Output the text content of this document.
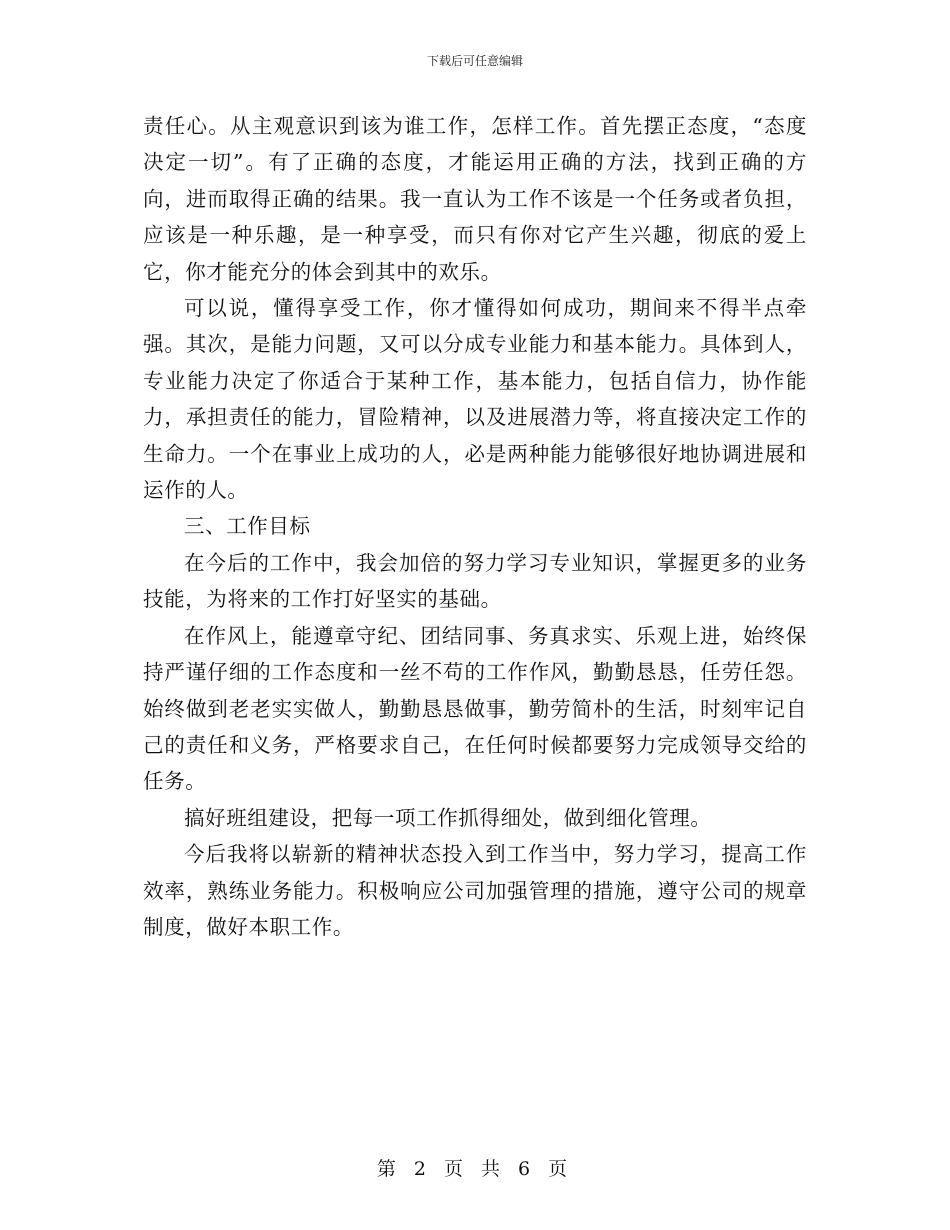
下载后可任意编辑

责任心。从主观意识到该为谁工作，怎样工作。首先摆正态度，“态度决定一切”。有了正确的态度，才能运用正确的方法，找到正确的方向，进而取得正确的结果。我一直认为工作不该是一个任务或者负担，应该是一种乐趣，是一种享受，而只有你对它产生兴趣，彻底的爱上它，你才能充分的体会到其中的欢乐。

可以说，懂得享受工作，你才懂得如何成功，期间来不得半点牵强。其次，是能力问题，又可以分成专业能力和基本能力。具体到人，专业能力决定了你适合于某种工作，基本能力，包括自信力，协作能力，承担责任的能力，冒险精神，以及进展潜力等，将直接决定工作的生命力。一个在事业上成功的人，必是两种能力能够很好地协调进展和运作的人。

三、工作目标

在今后的工作中，我会加倍的努力学习专业知识，掌握更多的业务技能，为将来的工作打好坚实的基础。

在作风上，能遵章守纪、团结同事、务真求实、乐观上进，始终保持严谨仔细的工作态度和一丝不苟的工作作风，勤勤恳恳，任劳任怨。始终做到老老实实做人，勤勤恳恳做事，勤劳简朴的生活，时刻牢记自己的责任和义务，严格要求自己，在任何时候都要努力完成领导交给的任务。

搞好班组建设，把每一项工作抓得细处，做到细化管理。

今后我将以崭新的精神状态投入到工作当中，努力学习，提高工作效率，熟练业务能力。积极响应公司加强管理的措施，遵守公司的规章制度，做好本职工作。

第 2 页 共 6 页
